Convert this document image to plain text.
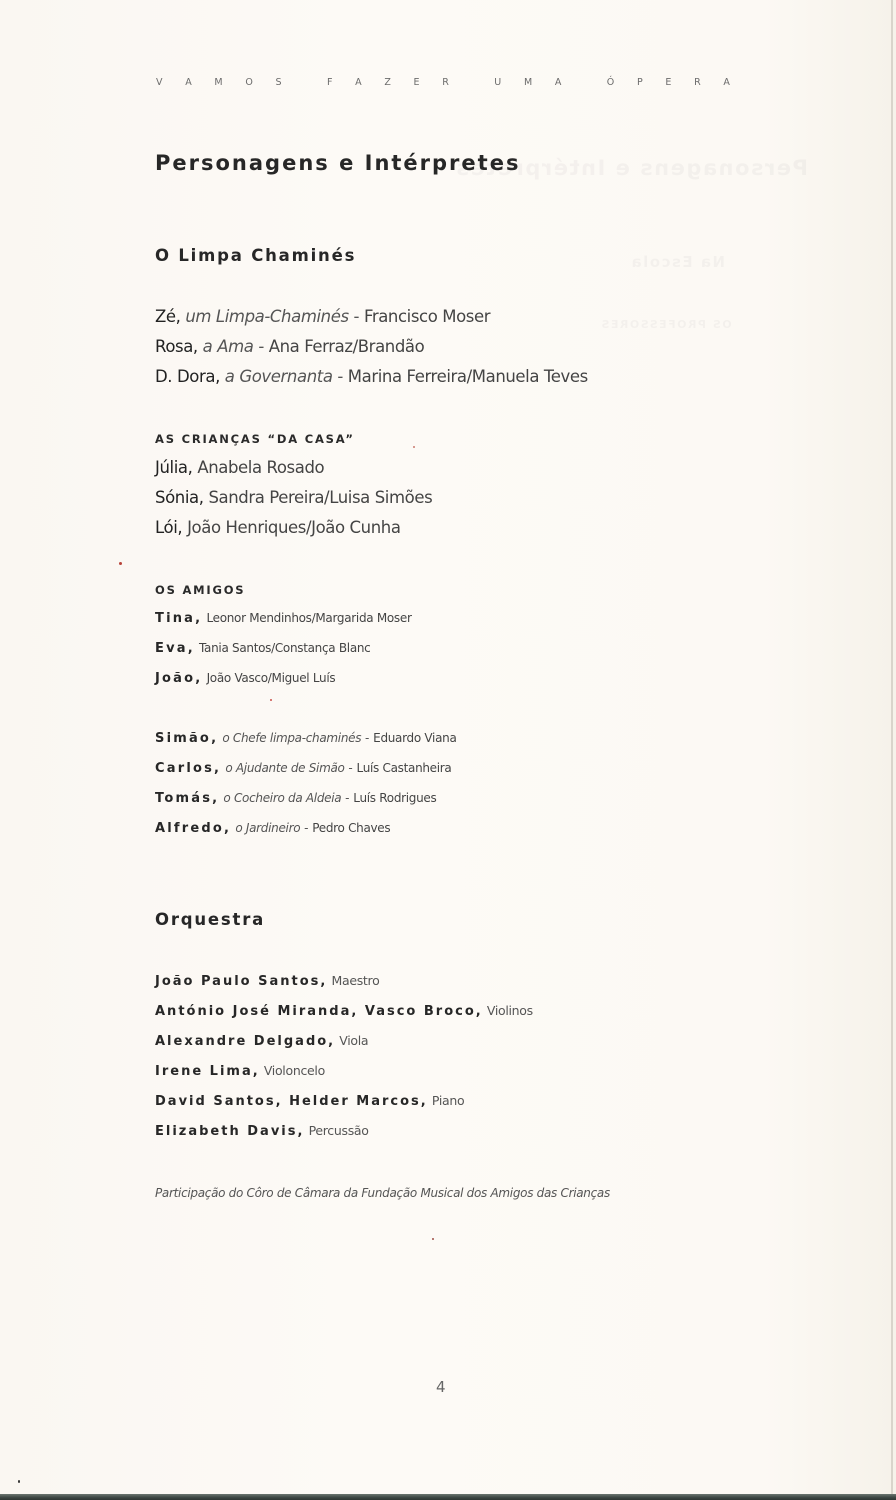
V A M O S	F A Z E R	U M A	Ó P E R A
Personagens e Intérpretes
O Limpa Chaminés
Zé, um Limpa-Chaminés - Francisco Moser
Rosa, a Ama - Ana Ferraz/Brandão
D. Dora, a Governanta - Marina Ferreira/Manuela Teves
AS CRIANÇAS “DA CASA”
Júlia, Anabela Rosado
Sónia, Sandra Pereira/Luisa Simões
Lói, João Henriques/João Cunha
OS AMIGOS
Tina, Leonor Mendinhos/Margarida Moser
Eva, Tania Santos/Constança Blanc
João, João Vasco/Miguel Luís
Simão, o Chefe limpa-chaminés - Eduardo Viana
Carlos, o Ajudante de Simão - Luís Castanheira
Tomás, o Cocheiro da Aldeia - Luís Rodrigues
Alfredo, o Jardineiro - Pedro Chaves
Orquestra
João Paulo Santos, Maestro
António José Miranda, Vasco Broco, Violinos
Alexandre Delgado, Viola
Irene Lima, Violoncelo
David Santos, Helder Marcos, Piano
Elizabeth Davis, Percussão
Participação do Côro de Câmara da Fundação Musical dos Amigos das Crianças
4
